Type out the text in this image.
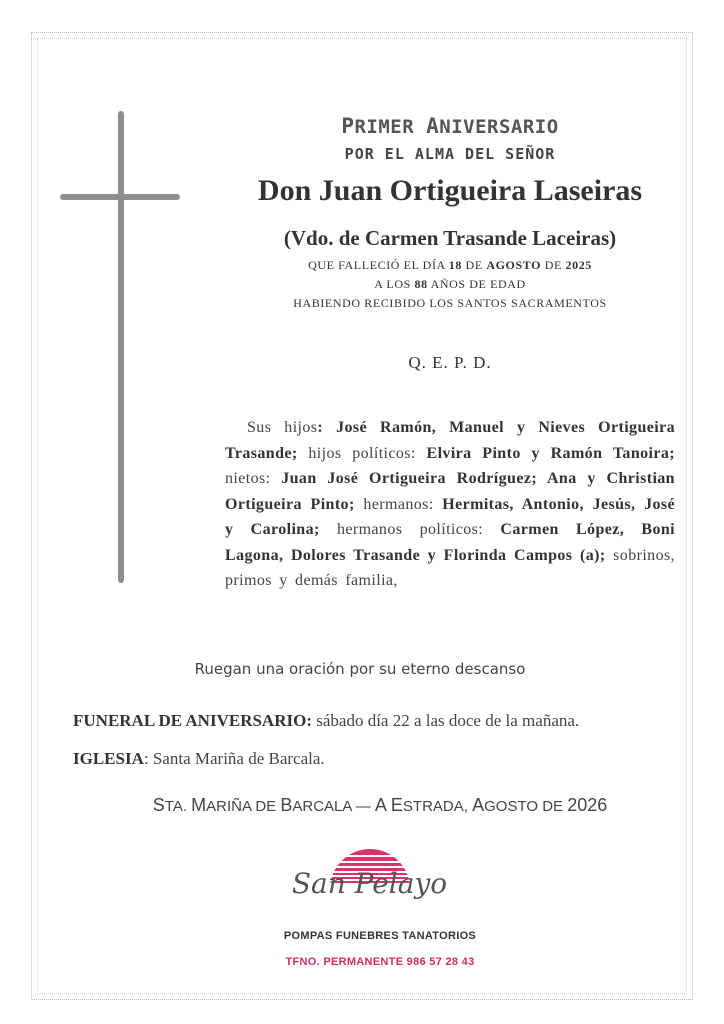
PRIMER ANIVERSARIO
POR EL ALMA DEL SEÑOR
Don Juan Ortigueira Laseiras
(Vdo. de Carmen Trasande Laceiras)
QUE FALLECIÓ EL DÍA 18 DE AGOSTO DE 2025
A LOS 88 AÑOS DE EDAD
HABIENDO RECIBIDO LOS SANTOS SACRAMENTOS
Q. E. P. D.
Sus hijos: José Ramón, Manuel y Nieves Ortigueira Trasande; hijos políticos: Elvira Pinto y Ramón Tanoira; nietos: Juan José Ortigueira Rodríguez; Ana y Christian Ortigueira Pinto; hermanos: Hermitas, Antonio, Jesús, José y Carolina; hermanos políticos: Carmen López, Boni Lagona, Dolores Trasande y Florinda Campos (a); sobrinos, primos y demás familia,
Ruegan una oración por su eterno descanso
FUNERAL DE ANIVERSARIO: sábado día 22 a las doce de la mañana.
IGLESIA: Santa Mariña de Barcala.
STA. MARIÑA DE BARCALA — A ESTRADA, AGOSTO DE 2026
San Pelayo
POMPAS FUNEBRES TANATORIOS
TFNO. PERMANENTE 986 57 28 43
